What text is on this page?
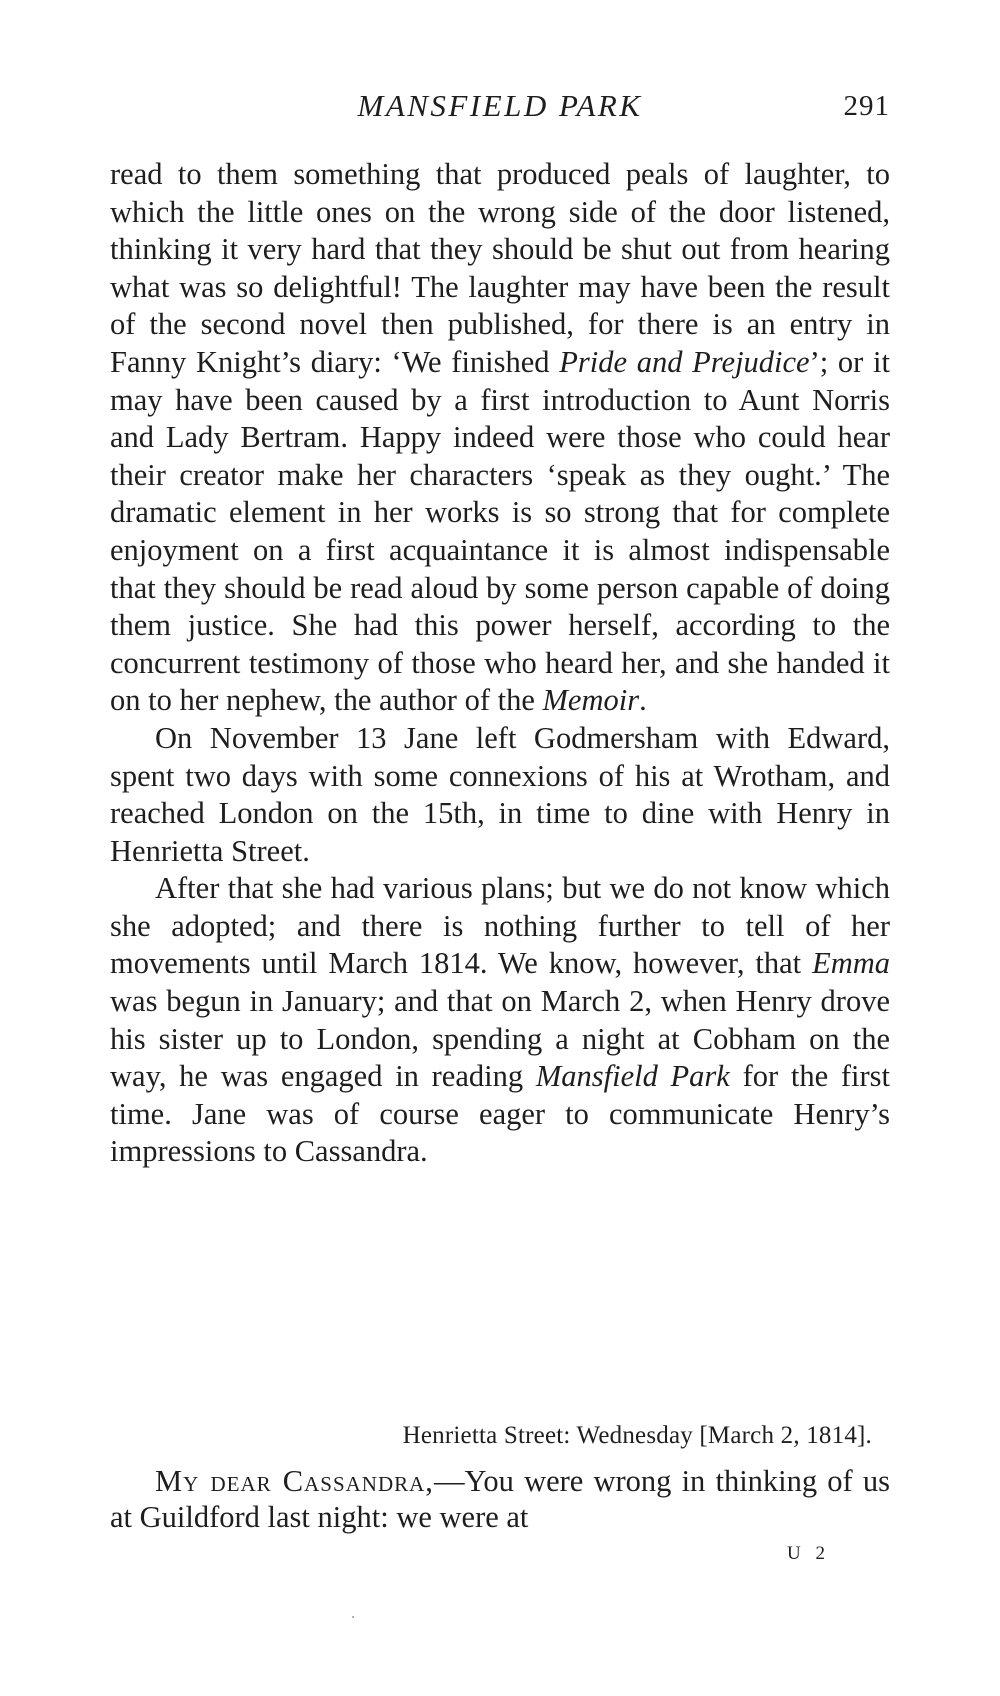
MANSFIELD PARK	291

read to them something that produced peals of laughter, to which the little ones on the wrong side of the door listened, thinking it very hard that they should be shut out from hearing what was so delightful! The laughter may have been the result of the second novel then published, for there is an entry in Fanny Knight’s diary: ‘We finished Pride and Prejudice’; or it may have been caused by a first introduction to Aunt Norris and Lady Bertram. Happy indeed were those who could hear their creator make her characters ‘speak as they ought.’ The dramatic element in her works is so strong that for complete enjoyment on a first acquaintance it is almost indispensable that they should be read aloud by some person capable of doing them justice. She had this power herself, according to the concurrent testimony of those who heard her, and she handed it on to her nephew, the author of the Memoir.

On November 13 Jane left Godmersham with Edward, spent two days with some connexions of his at Wrotham, and reached London on the 15th, in time to dine with Henry in Henrietta Street.

After that she had various plans; but we do not know which she adopted; and there is nothing further to tell of her movements until March 1814. We know, however, that Emma was begun in January; and that on March 2, when Henry drove his sister up to London, spending a night at Cobham on the way, he was engaged in reading Mansfield Park for the first time. Jane was of course eager to communicate Henry’s impressions to Cassandra.

Henrietta Street: Wednesday [March 2, 1814].

My dear Cassandra,—You were wrong in thinking of us at Guildford last night: we were at

U 2
